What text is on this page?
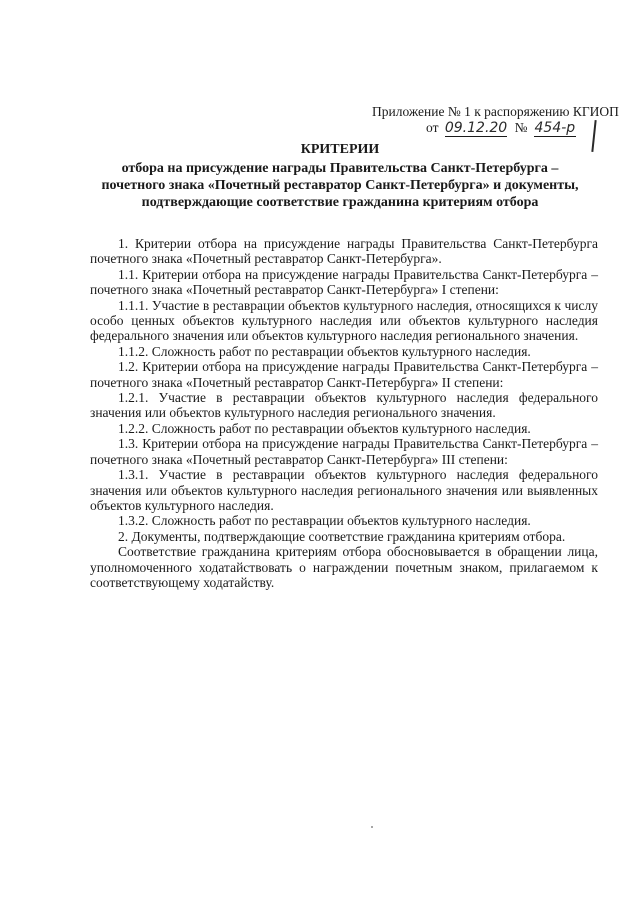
Приложение № 1 к распоряжению КГИОП
от 09.12.20 № 454-р
КРИТЕРИИ
отбора на присуждение награды Правительства Санкт-Петербурга –
почетного знака «Почетный реставратор Санкт-Петербурга» и документы,
подтверждающие соответствие гражданина критериям отбора

1. Критерии отбора на присуждение награды Правительства Санкт-Петербурга почетного знака «Почетный реставратор Санкт-Петербурга».

1.1. Критерии отбора на присуждение награды Правительства Санкт-Петербурга – почетного знака «Почетный реставратор Санкт-Петербурга» I степени:

1.1.1. Участие в реставрации объектов культурного наследия, относящихся к числу особо ценных объектов культурного наследия или объектов культурного наследия федерального значения или объектов культурного наследия регионального значения.

1.1.2. Сложность работ по реставрации объектов культурного наследия.

1.2. Критерии отбора на присуждение награды Правительства Санкт-Петербурга – почетного знака «Почетный реставратор Санкт-Петербурга» II степени:

1.2.1. Участие в реставрации объектов культурного наследия федерального значения или объектов культурного наследия регионального значения.

1.2.2. Сложность работ по реставрации объектов культурного наследия.

1.3. Критерии отбора на присуждение награды Правительства Санкт-Петербурга – почетного знака «Почетный реставратор Санкт-Петербурга» III степени:

1.3.1. Участие в реставрации объектов культурного наследия федерального значения или объектов культурного наследия регионального значения или выявленных объектов культурного наследия.

1.3.2. Сложность работ по реставрации объектов культурного наследия.

2. Документы, подтверждающие соответствие гражданина критериям отбора.

Соответствие гражданина критериям отбора обосновывается в обращении лица, уполномоченного ходатайствовать о награждении почетным знаком, прилагаемом к соответствующему ходатайству.
